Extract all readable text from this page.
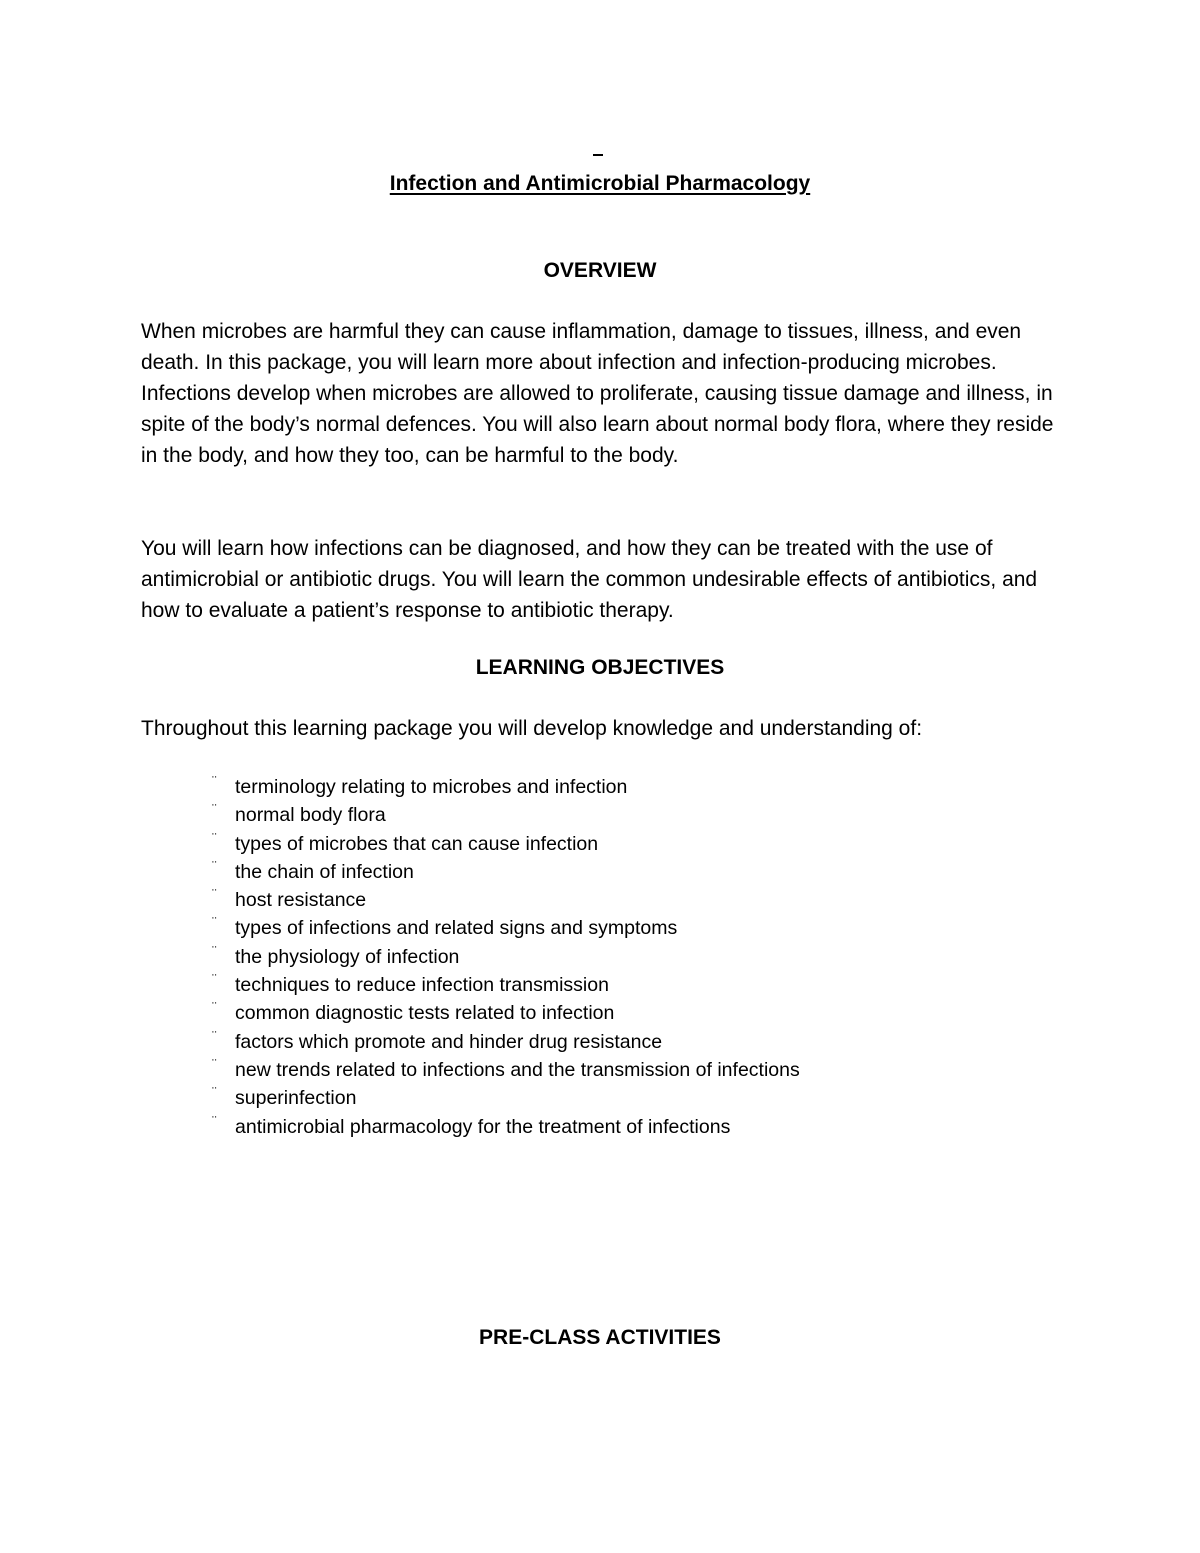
Infection and Antimicrobial Pharmacology
OVERVIEW

When microbes are harmful they can cause inflammation, damage to tissues, illness, and even death. In this package, you will learn more about infection and infection-producing microbes. Infections develop when microbes are allowed to proliferate, causing tissue damage and illness, in spite of the body’s normal defences. You will also learn about normal body flora, where they reside in the body, and how they too, can be harmful to the body.

You will learn how infections can be diagnosed, and how they can be treated with the use of antimicrobial or antibiotic drugs. You will learn the common undesirable effects of antibiotics, and how to evaluate a patient’s response to antibiotic therapy.

LEARNING OBJECTIVES

Throughout this learning package you will develop knowledge and understanding of:

¨ terminology relating to microbes and infection
¨ normal body flora
¨ types of microbes that can cause infection
¨ the chain of infection
¨ host resistance
¨ types of infections and related signs and symptoms
¨ the physiology of infection
¨ techniques to reduce infection transmission
¨ common diagnostic tests related to infection
¨ factors which promote and hinder drug resistance
¨ new trends related to infections and the transmission of infections
¨ superinfection
¨ antimicrobial pharmacology for the treatment of infections
PRE-CLASS ACTIVITIES
